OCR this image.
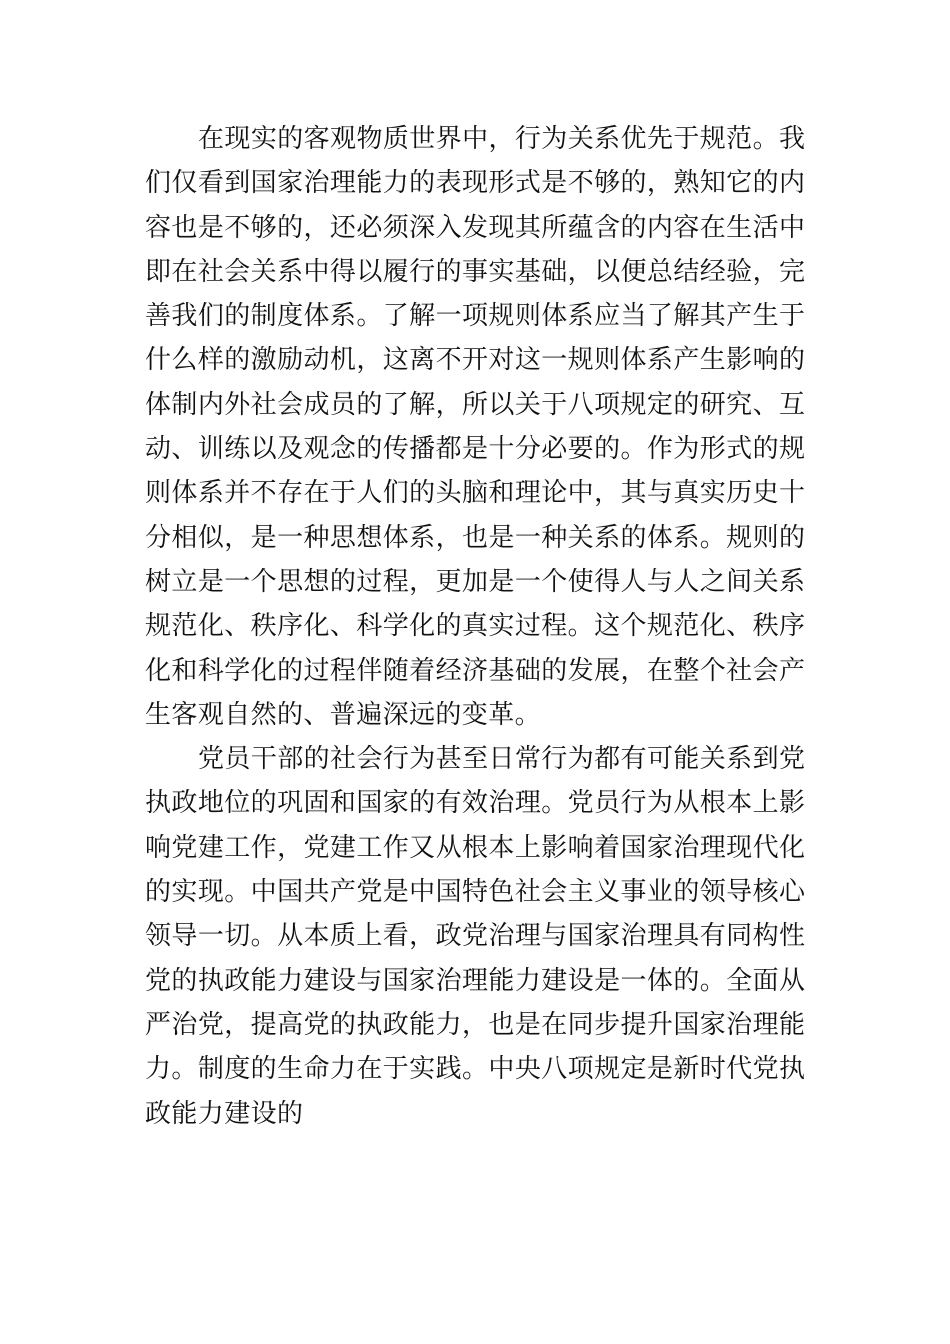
在现实的客观物质世界中，行为关系优先于规范。我
们仅看到国家治理能力的表现形式是不够的，熟知它的内
容也是不够的，还必须深入发现其所蕴含的内容在生活中
即在社会关系中得以履行的事实基础，以便总结经验，完
善我们的制度体系。了解一项规则体系应当了解其产生于
什么样的激励动机，这离不开对这一规则体系产生影响的
体制内外社会成员的了解，所以关于八项规定的研究、互
动、训练以及观念的传播都是十分必要的。作为形式的规
则体系并不存在于人们的头脑和理论中，其与真实历史十
分相似，是一种思想体系，也是一种关系的体系。规则的
树立是一个思想的过程，更加是一个使得人与人之间关系
规范化、秩序化、科学化的真实过程。这个规范化、秩序
化和科学化的过程伴随着经济基础的发展，在整个社会产
生客观自然的、普遍深远的变革。
党员干部的社会行为甚至日常行为都有可能关系到党
执政地位的巩固和国家的有效治理。党员行为从根本上影
响党建工作，党建工作又从根本上影响着国家治理现代化
的实现。中国共产党是中国特色社会主义事业的领导核心
领导一切。从本质上看，政党治理与国家治理具有同构性
党的执政能力建设与国家治理能力建设是一体的。全面从
严治党，提高党的执政能力，也是在同步提升国家治理能
力。制度的生命力在于实践。中央八项规定是新时代党执
政能力建设的
